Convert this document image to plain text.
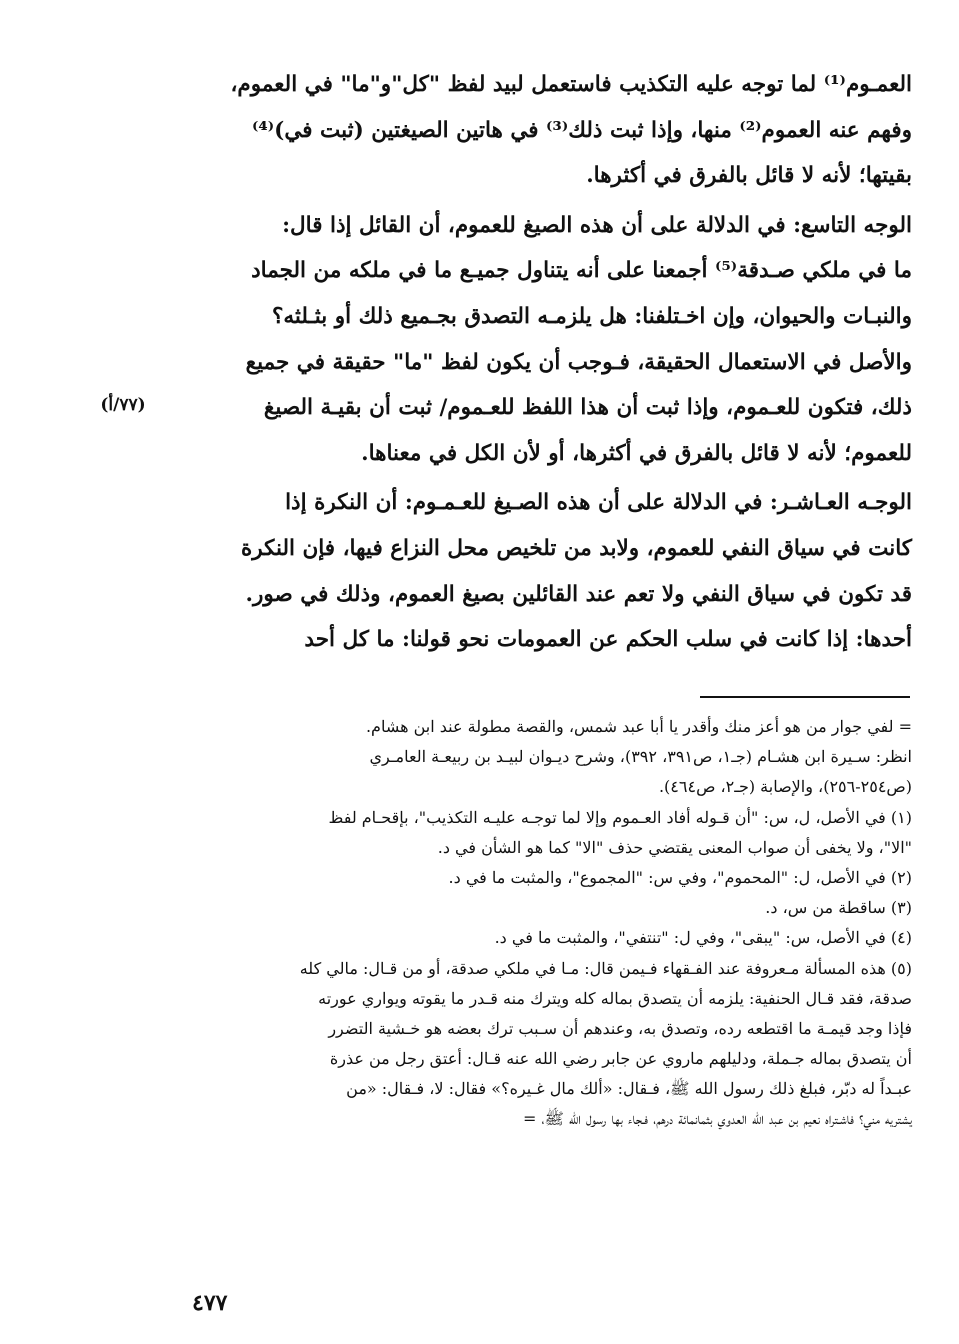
العمـوم⁽¹⁾ لما توجه عليه التكذيب فاستعمل لبيد لفظ "كل"و"ما" في العموم،
وفهم عنه العموم⁽²⁾ منها، وإذا ثبت ذلك⁽³⁾ في هاتين الصيغتين (ثبت في)⁽⁴⁾
بقيتها؛ لأنه لا قائل بالفرق في أكثرها.
الوجه التاسع: في الدلالة على أن هذه الصيغ للعموم، أن القائل إذا قال:
ما في ملكي صـدقة⁽⁵⁾ أجمعنا على أنه يتناول جميـع ما في ملكه من الجماد
والنبـات والحيوان، وإن اخـتلفنا: هل يلزمـه التصدق بجـميع ذلك أو بثـلثه؟
والأصل في الاستعمال الحقيقة، فـوجب أن يكون لفظ "ما" حقيقة في جميع
ذلك، فتكون للعـموم، وإذا ثبت أن هذا اللفظ للعـموم/ ثبت أن بقيـة الصيغ
للعموم؛ لأنه لا قائل بالفرق في أكثرها، أو لأن الكل في معناها.
الوجـه العـاشـر: في الدلالة على أن هذه الصـيغ للعـمـوم: أن النكرة إذا
كانت في سياق النفي للعموم، ولابد من تلخيص محل النزاع فيها، فإن النكرة
قد تكون في سياق النفي ولا تعم عند القائلين بصيغ العموم، وذلك في صور.
أحدها: إذا كانت في سلب الحكم عن العمومات نحو قولنا: ما كل أحد
(٧٧/أ)
= لفي جوار من هو أعز منك وأقدر يا أبا عبد شمس، والقصة مطولة عند ابن هشام.
انظر: سـيرة ابن هشـام (جـ١، ص٣٩١، ٣٩٢)، وشرح ديـوان لبيـد بن ربيعـة العامـري
(ص٢٥٤-٢٥٦)، والإصابة (جـ٢، ص٤٦٤).
(١) في الأصل، ل، س: "أن قـوله أفاد العـموم وإلا لما توجـه عليـه التكذيب"، بإقحـام لفظ
"الا"، ولا يخفى أن صواب المعنى يقتضي حذف "الا" كما هو الشأن في د.
(٢) في الأصل، ل: "المحموم"، وفي س: "المجموع"، والمثبت ما في د.
(٣) ساقطة من س، د.
(٤) في الأصل، س: "يبقى"، وفي ل: "تنتفي"، والمثبت ما في د.
(٥) هذه المسألة مـعروفة عند الفـقهاء فـيمن قال: مـا في ملكي صدقة، أو من قـال: مالي كله
صدقة، فقد قـال الحنفية: يلزمه أن يتصدق بماله كله ويترك منه قـدر ما يقوته ويواري عورته
فإذا وجد قيمـة ما اقتطعه رده، وتصدق به، وعندهم أن سـبب ترك بعضه هو خـشية التضرر
أن يتصدق بماله جـملة، ودليلهم ماروي عن جابر رضي الله عنه قـال: أعتق رجل من عذرة
عبـداً له دبّر، فبلغ ذلك رسول الله ﷺ، فـقال: «ألك مال غـيره؟» فقال: لا، فـقال: «من
يشتريه مني؟ فاشـتراه نعيم بن عبد الله العدوي بثمانمائة درهم، فـجاء بها رسول الله ﷺ، =
٤٧٧
